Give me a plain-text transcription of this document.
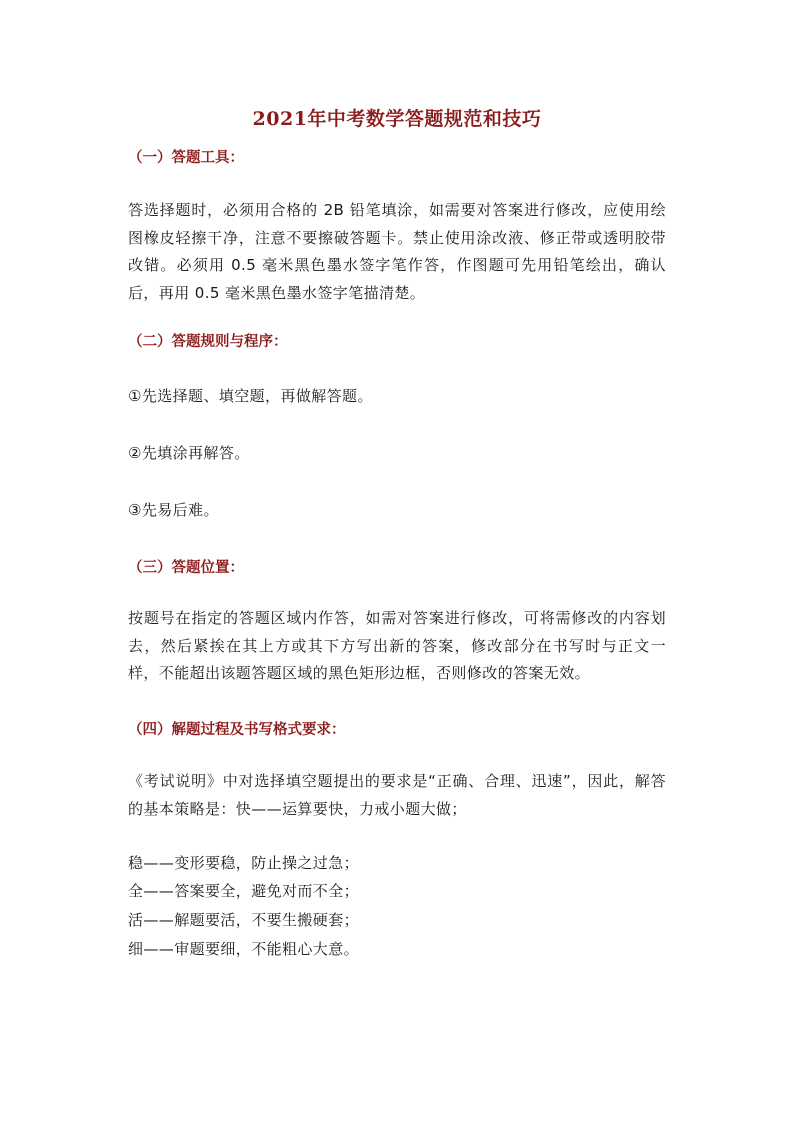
2021年中考数学答题规范和技巧
（一）答题工具：

答选择题时，必须用合格的 2B 铅笔填涂，如需要对答案进行修改，应使用绘图橡皮轻擦干净，注意不要擦破答题卡。禁止使用涂改液、修正带或透明胶带改错。必须用 0.5 毫米黑色墨水签字笔作答，作图题可先用铅笔绘出，确认后，再用 0.5 毫米黑色墨水签字笔描清楚。

（二）答题规则与程序：

①先选择题、填空题，再做解答题。

②先填涂再解答。

③先易后难。

（三）答题位置：

按题号在指定的答题区域内作答，如需对答案进行修改，可将需修改的内容划去，然后紧挨在其上方或其下方写出新的答案，修改部分在书写时与正文一样，不能超出该题答题区域的黑色矩形边框，否则修改的答案无效。

（四）解题过程及书写格式要求：

《考试说明》中对选择填空题提出的要求是“正确、合理、迅速”，因此，解答的基本策略是：快——运算要快，力戒小题大做；

稳——变形要稳，防止操之过急；

全——答案要全，避免对而不全；

活——解题要活，不要生搬硬套；

细——审题要细，不能粗心大意。
